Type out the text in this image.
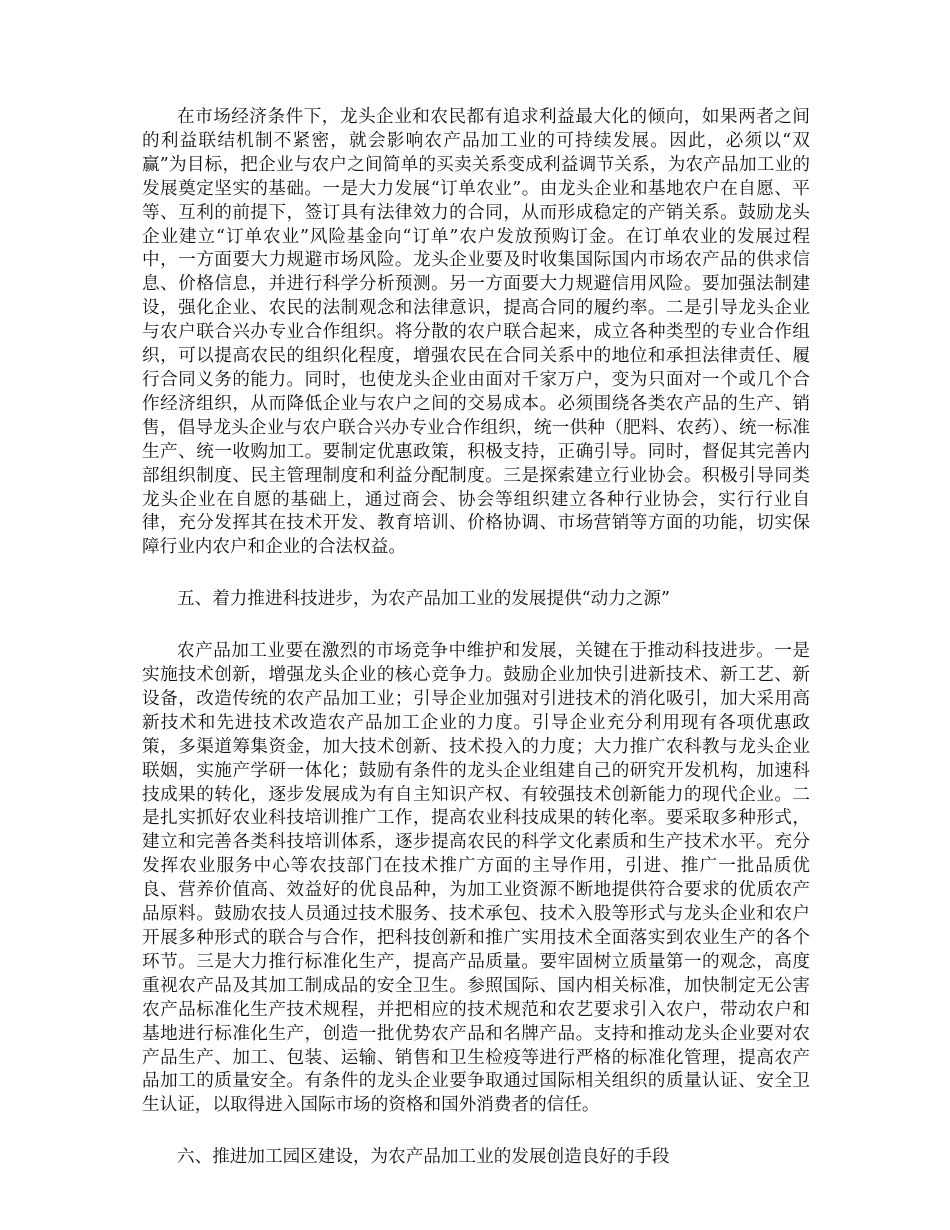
在市场经济条件下，龙头企业和农民都有追求利益最大化的倾向，如果两者之间的利益联结机制不紧密，就会影响农产品加工业的可持续发展。因此，必须以“双赢”为目标，把企业与农户之间简单的买卖关系变成利益调节关系，为农产品加工业的发展奠定坚实的基础。一是大力发展“订单农业”。由龙头企业和基地农户在自愿、平等、互利的前提下，签订具有法律效力的合同，从而形成稳定的产销关系。鼓励龙头企业建立“订单农业”风险基金向“订单”农户发放预购订金。在订单农业的发展过程中，一方面要大力规避市场风险。龙头企业要及时收集国际国内市场农产品的供求信息、价格信息，并进行科学分析预测。另一方面要大力规避信用风险。要加强法制建设，强化企业、农民的法制观念和法律意识，提高合同的履约率。二是引导龙头企业与农户联合兴办专业合作组织。将分散的农户联合起来，成立各种类型的专业合作组织，可以提高农民的组织化程度，增强农民在合同关系中的地位和承担法律责任、履行合同义务的能力。同时，也使龙头企业由面对千家万户，变为只面对一个或几个合作经济组织，从而降低企业与农户之间的交易成本。必须围绕各类农产品的生产、销售，倡导龙头企业与农户联合兴办专业合作组织，统一供种（肥料、农药）、统一标准生产、统一收购加工。要制定优惠政策，积极支持，正确引导。同时，督促其完善内部组织制度、民主管理制度和利益分配制度。三是探索建立行业协会。积极引导同类龙头企业在自愿的基础上，通过商会、协会等组织建立各种行业协会，实行行业自律，充分发挥其在技术开发、教育培训、价格协调、市场营销等方面的功能，切实保障行业内农户和企业的合法权益。

五、着力推进科技进步，为农产品加工业的发展提供“动力之源”

农产品加工业要在激烈的市场竞争中维护和发展，关键在于推动科技进步。一是实施技术创新，增强龙头企业的核心竞争力。鼓励企业加快引进新技术、新工艺、新设备，改造传统的农产品加工业；引导企业加强对引进技术的消化吸引，加大采用高新技术和先进技术改造农产品加工企业的力度。引导企业充分利用现有各项优惠政策，多渠道筹集资金，加大技术创新、技术投入的力度；大力推广农科教与龙头企业联姻，实施产学研一体化；鼓励有条件的龙头企业组建自己的研究开发机构，加速科技成果的转化，逐步发展成为有自主知识产权、有较强技术创新能力的现代企业。二是扎实抓好农业科技培训推广工作，提高农业科技成果的转化率。要采取多种形式，建立和完善各类科技培训体系，逐步提高农民的科学文化素质和生产技术水平。充分发挥农业服务中心等农技部门在技术推广方面的主导作用，引进、推广一批品质优良、营养价值高、效益好的优良品种，为加工业资源不断地提供符合要求的优质农产品原料。鼓励农技人员通过技术服务、技术承包、技术入股等形式与龙头企业和农户开展多种形式的联合与合作，把科技创新和推广实用技术全面落实到农业生产的各个环节。三是大力推行标准化生产，提高产品质量。要牢固树立质量第一的观念，高度重视农产品及其加工制成品的安全卫生。参照国际、国内相关标准，加快制定无公害农产品标准化生产技术规程，并把相应的技术规范和农艺要求引入农户，带动农户和基地进行标准化生产，创造一批优势农产品和名牌产品。支持和推动龙头企业要对农产品生产、加工、包装、运输、销售和卫生检疫等进行严格的标准化管理，提高农产品加工的质量安全。有条件的龙头企业要争取通过国际相关组织的质量认证、安全卫生认证，以取得进入国际市场的资格和国外消费者的信任。

六、推进加工园区建设，为农产品加工业的发展创造良好的手段
